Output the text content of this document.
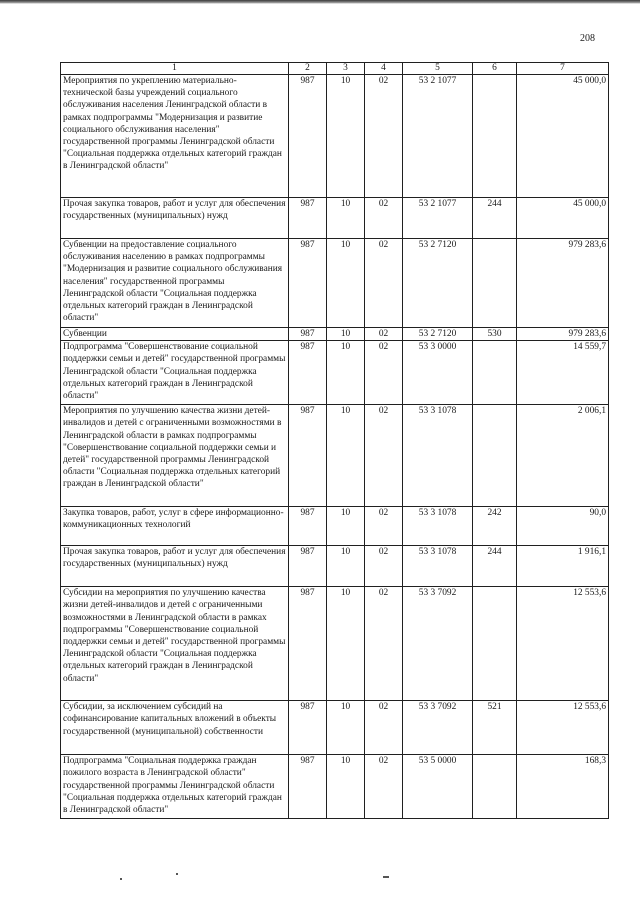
208
1	2	3	4	5	6	7
Мероприятия по укреплению материально-технической базы учреждений социального обслуживания населения Ленинградской области в рамках подпрограммы "Модернизация и развитие социального обслуживания населения" государственной программы Ленинградской области "Социальная поддержка отдельных категорий граждан в Ленинградской области"	987	10	02	53 2 1077		45 000,0
Прочая закупка товаров, работ и услуг для обеспечения государственных (муниципальных) нужд	987	10	02	53 2 1077	244	45 000,0
Субвенции на предоставление социального обслуживания населению в рамках подпрограммы "Модернизация и развитие социального обслуживания населения" государственной программы Ленинградской области "Социальная поддержка отдельных категорий граждан в Ленинградской области"	987	10	02	53 2 7120		979 283,6
Субвенции	987	10	02	53 2 7120	530	979 283,6
Подпрограмма "Совершенствование социальной поддержки семьи и детей" государственной программы Ленинградской области "Социальная поддержка отдельных категорий граждан в Ленинградской области"	987	10	02	53 3 0000		14 559,7
Мероприятия по улучшению качества жизни детей-инвалидов и детей с ограниченными возможностями в Ленинградской области в рамках подпрограммы "Совершенствование социальной поддержки семьи и детей" государственной программы Ленинградской области "Социальная поддержка отдельных категорий граждан в Ленинградской области"	987	10	02	53 3 1078		2 006,1
Закупка товаров, работ, услуг в сфере информационно-коммуникационных технологий	987	10	02	53 3 1078	242	90,0
Прочая закупка товаров, работ и услуг для обеспечения государственных (муниципальных) нужд	987	10	02	53 3 1078	244	1 916,1
Субсидии на мероприятия по улучшению качества жизни детей-инвалидов и детей с ограниченными возможностями в Ленинградской области в рамках подпрограммы "Совершенствование социальной поддержки семьи и детей" государственной программы Ленинградской области "Социальная поддержка отдельных категорий граждан в Ленинградской области"	987	10	02	53 3 7092		12 553,6
Субсидии, за исключением субсидий на софинансирование капитальных вложений в объекты государственной (муниципальной) собственности	987	10	02	53 3 7092	521	12 553,6
Подпрограмма "Социальная поддержка граждан пожилого возраста в Ленинградской области" государственной программы Ленинградской области "Социальная поддержка отдельных категорий граждан в Ленинградской области"	987	10	02	53 5 0000		168,3
